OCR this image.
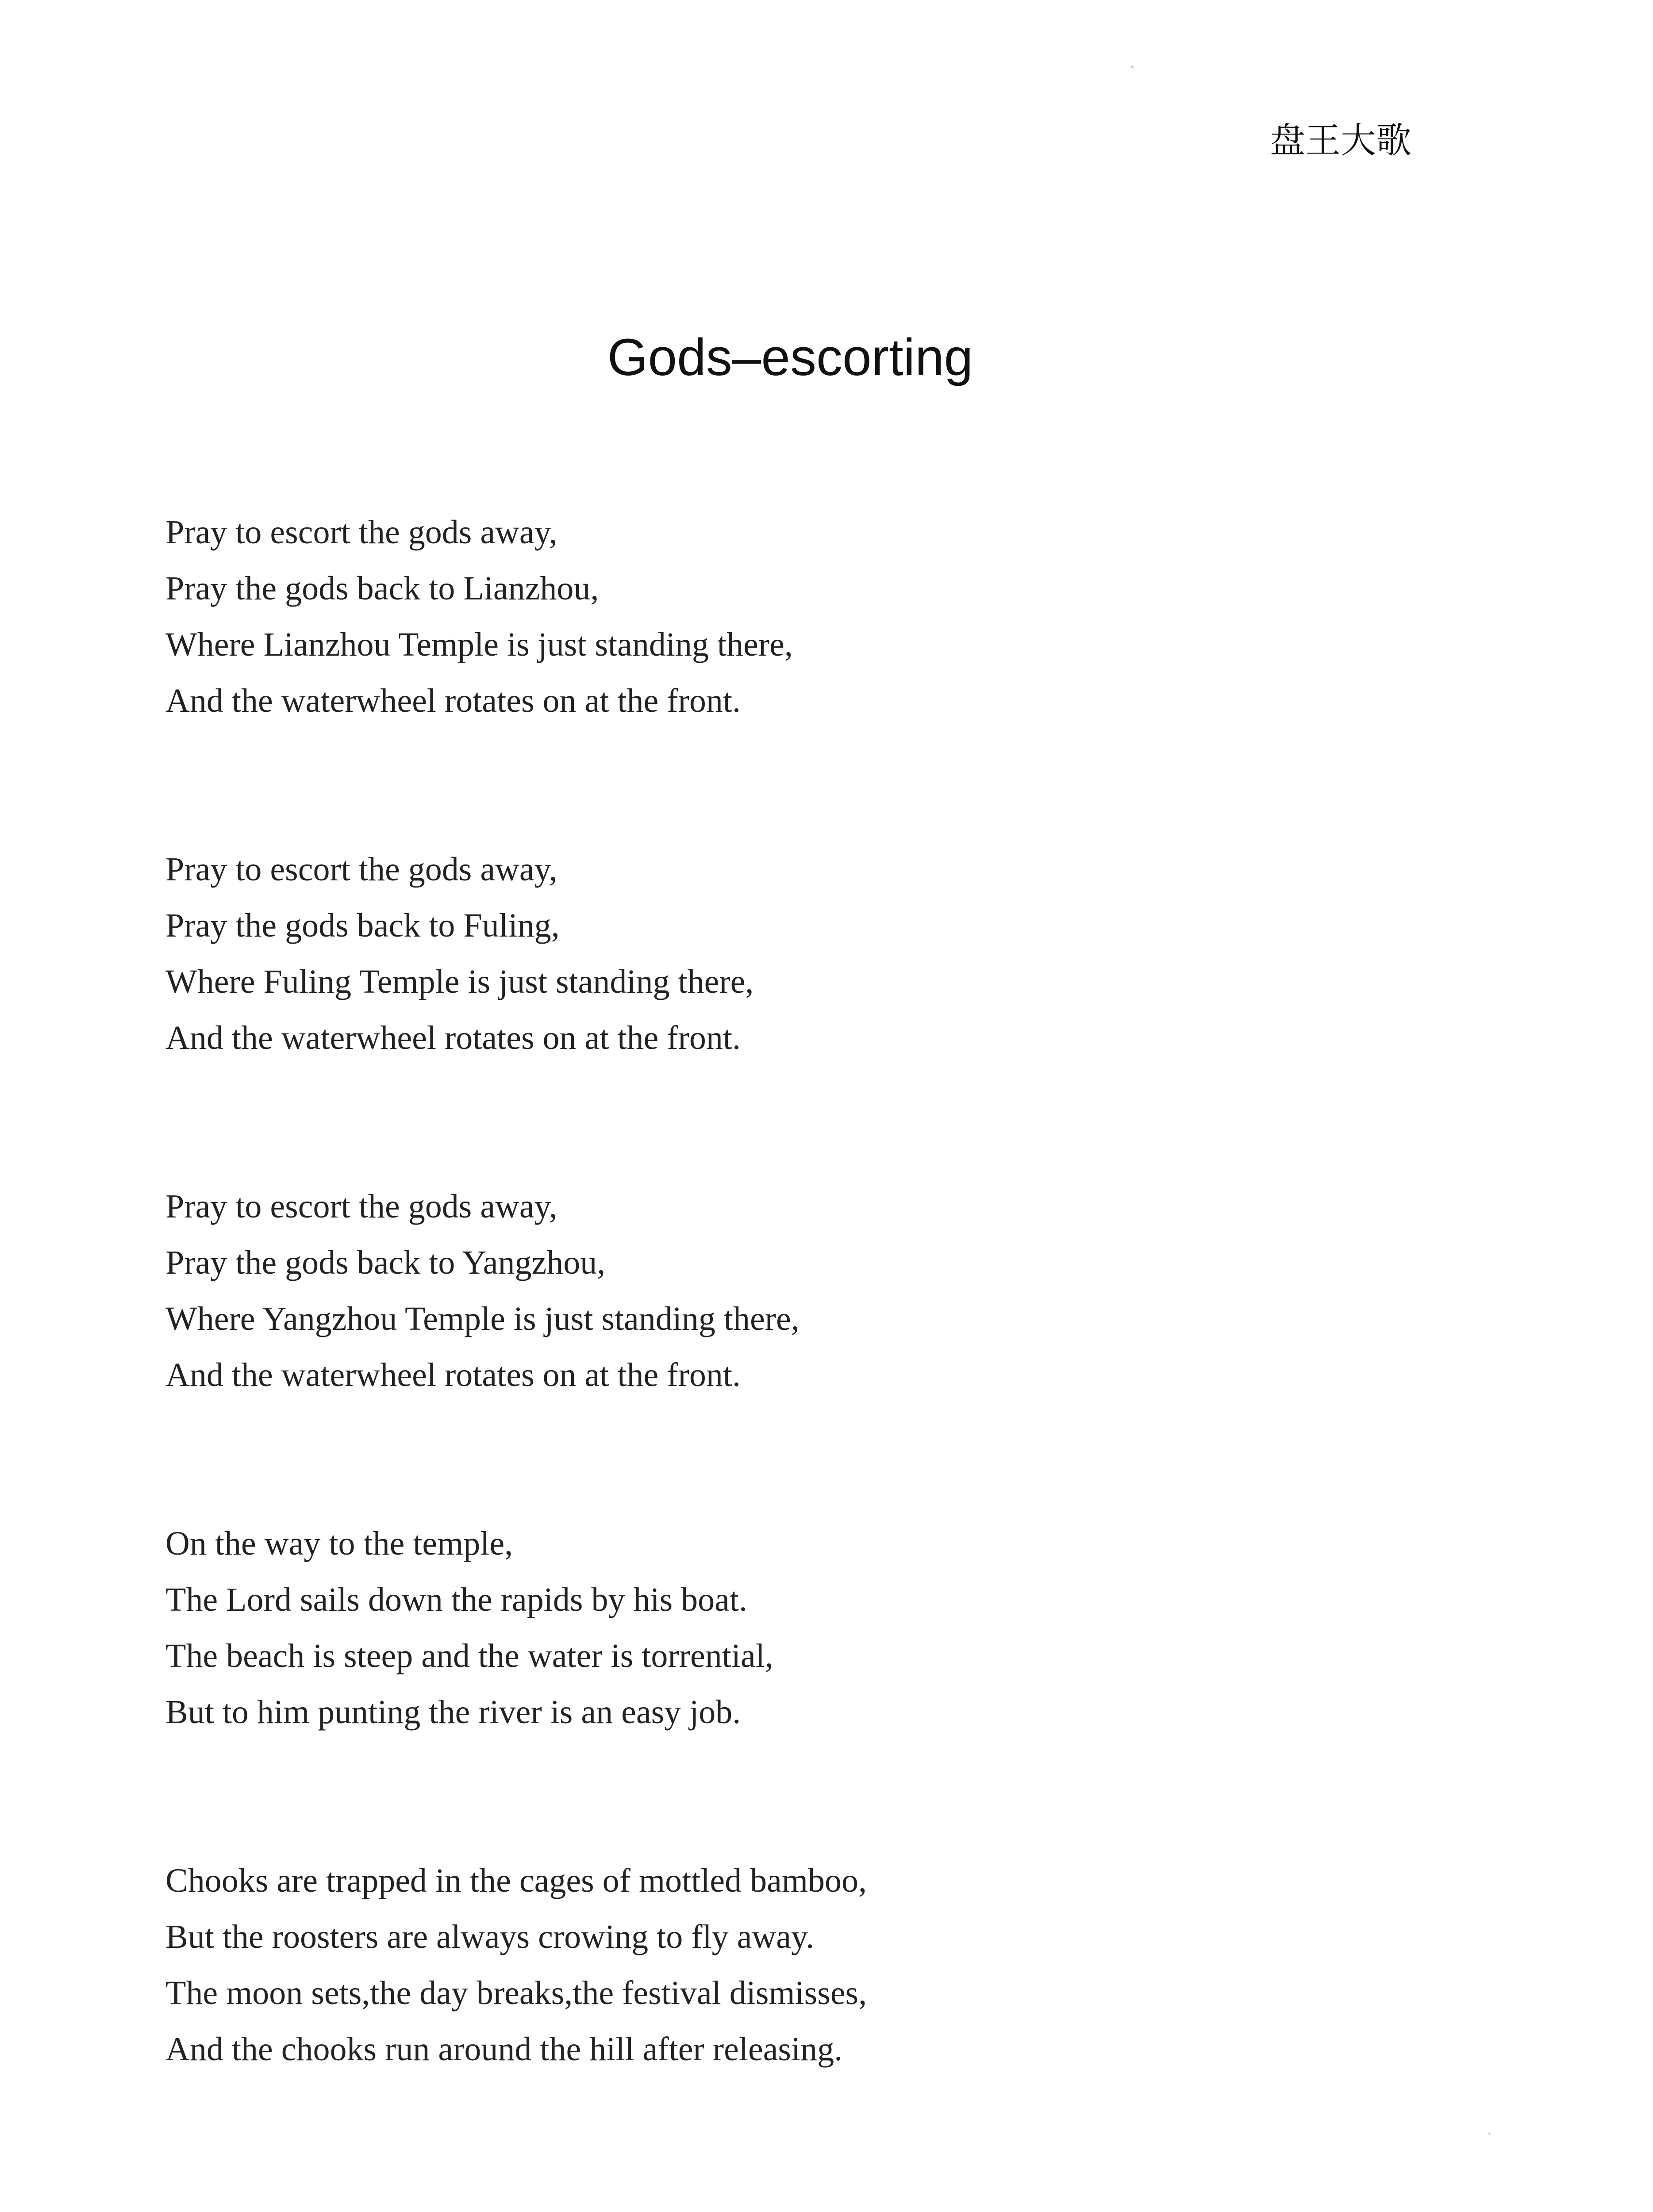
盘王大歌
Gods–escorting
Pray to escort the gods away,
Pray the gods back to Lianzhou,
Where Lianzhou Temple is just standing there,
And the waterwheel rotates on at the front.
Pray to escort the gods away,
Pray the gods back to Fuling,
Where Fuling Temple is just standing there,
And the waterwheel rotates on at the front.
Pray to escort the gods away,
Pray the gods back to Yangzhou,
Where Yangzhou Temple is just standing there,
And the waterwheel rotates on at the front.
On the way to the temple,
The Lord sails down the rapids by his boat.
The beach is steep and the water is torrential,
But to him punting the river is an easy job.
Chooks are trapped in the cages of mottled bamboo,
But the roosters are always crowing to fly away.
The moon sets,the day breaks,the festival dismisses,
And the chooks run around the hill after releasing.
